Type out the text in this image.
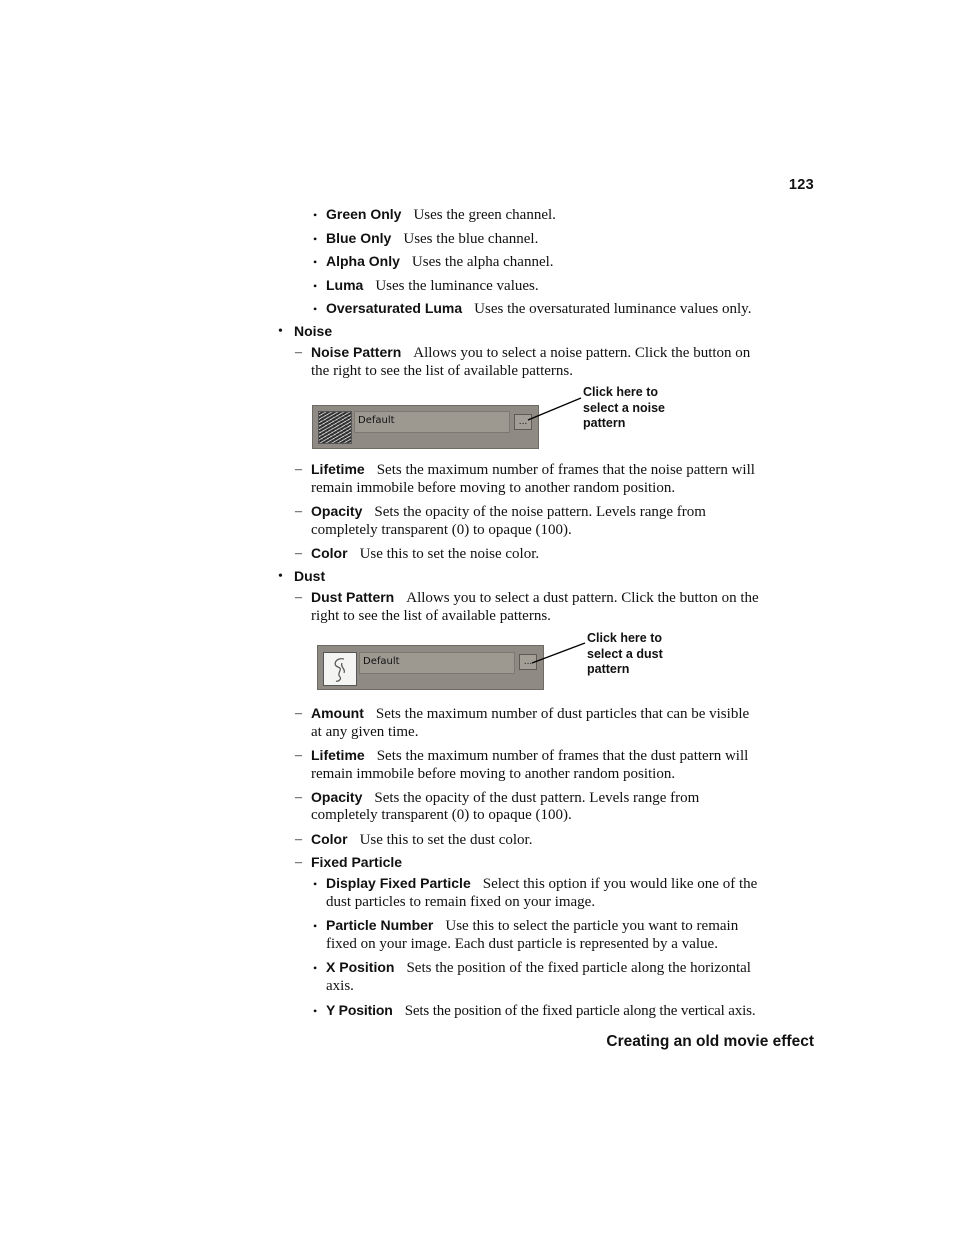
123
• Green Only Uses the green channel.
• Blue Only Uses the blue channel.
• Alpha Only Uses the alpha channel.
• Luma Uses the luminance values.
• Oversaturated Luma Uses the oversaturated luminance values only.
• Noise
– Noise Pattern Allows you to select a noise pattern. Click the button on
the right to see the list of available patterns.
Default	...
Click here to
select a noise
pattern
– Lifetime Sets the maximum number of frames that the noise pattern will
remain immobile before moving to another random position.
– Opacity Sets the opacity of the noise pattern. Levels range from
completely transparent (0) to opaque (100).
– Color Use this to set the noise color.
• Dust
– Dust Pattern Allows you to select a dust pattern. Click the button on the
right to see the list of available patterns.
Default	...
Click here to
select a dust
pattern
– Amount Sets the maximum number of dust particles that can be visible
at any given time.
– Lifetime Sets the maximum number of frames that the dust pattern will
remain immobile before moving to another random position.
– Opacity Sets the opacity of the dust pattern. Levels range from
completely transparent (0) to opaque (100).
– Color Use this to set the dust color.
– Fixed Particle
• Display Fixed Particle Select this option if you would like one of the
dust particles to remain fixed on your image.
• Particle Number Use this to select the particle you want to remain
fixed on your image. Each dust particle is represented by a value.
• X Position Sets the position of the fixed particle along the horizontal
axis.
• Y Position Sets the position of the fixed particle along the vertical axis.
Creating an old movie effect
